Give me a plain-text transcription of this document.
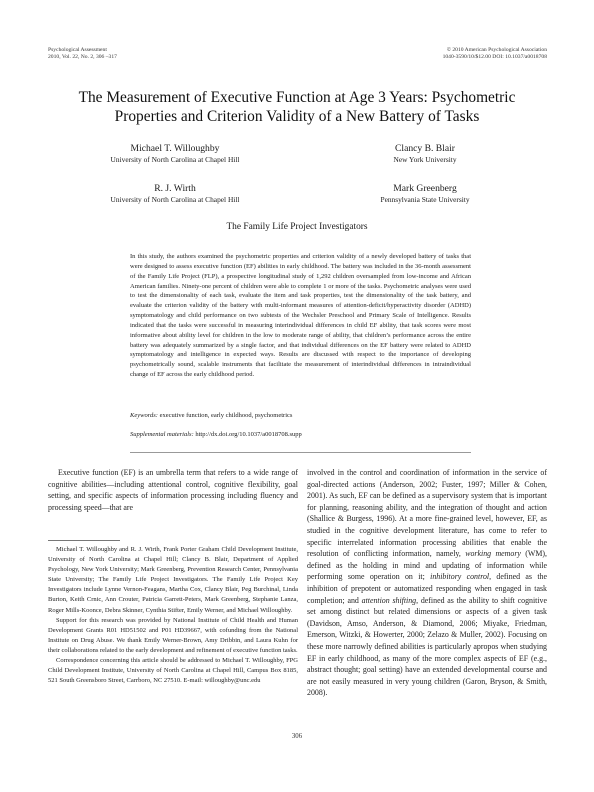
Psychological Assessment
2010, Vol. 22, No. 2, 306 –317
© 2010 American Psychological Association
1040-3590/10/$12.00 DOI: 10.1037/a0018708
The Measurement of Executive Function at Age 3 Years: Psychometric
Properties and Criterion Validity of a New Battery of Tasks
Michael T. Willoughby
University of North Carolina at Chapel Hill
Clancy B. Blair
New York University
R. J. Wirth
University of North Carolina at Chapel Hill
Mark Greenberg
Pennsylvania State University
The Family Life Project Investigators
In this study, the authors examined the psychometric properties and criterion validity of a newly developed battery of tasks that were designed to assess executive function (EF) abilities in early childhood. The battery was included in the 36-month assessment of the Family Life Project (FLP), a prospective longitudinal study of 1,292 children oversampled from low-income and African American families. Ninety-one percent of children were able to complete 1 or more of the tasks. Psychometric analyses were used to test the dimensionality of each task, evaluate the item and task properties, test the dimensionality of the task battery, and evaluate the criterion validity of the battery with multi-informant measures of attention-deficit/hyperactivity disorder (ADHD) symptomatology and child performance on two subtests of the Wechsler Preschool and Primary Scale of Intelligence. Results indicated that the tasks were successful in measuring interindividual differences in child EF ability, that task scores were most informative about ability level for children in the low to moderate range of ability, that children’s performance across the entire battery was adequately summarized by a single factor, and that individual differences on the EF battery were related to ADHD symptomatology and intelligence in expected ways. Results are discussed with respect to the importance of developing psychometrically sound, scalable instruments that facilitate the measurement of interindividual differences in intraindividual change of EF across the early childhood period.
Keywords: executive function, early childhood, psychometrics
Supplemental materials: http://dx.doi.org/10.1037/a0018708.supp

Executive function (EF) is an umbrella term that refers to a wide range of cognitive abilities—including attentional control, cognitive flexibility, goal setting, and specific aspects of information processing including fluency and processing speed—that are

Michael T. Willoughby and R. J. Wirth, Frank Porter Graham Child Development Institute, University of North Carolina at Chapel Hill; Clancy B. Blair, Department of Applied Psychology, New York University; Mark Greenberg, Prevention Research Center, Pennsylvania State University; The Family Life Project Investigators. The Family Life Project Key Investigators include Lynne Vernon-Feagans, Martha Cox, Clancy Blair, Peg Burchinal, Linda Burton, Keith Crnic, Ann Crouter, Patricia Garrett-Peters, Mark Greenberg, Stephanie Lanza, Roger Mills-Koonce, Debra Skinner, Cynthia Stifter, Emily Werner, and Michael Willoughby.

Support for this research was provided by National Institute of Child Health and Human Development Grants R01 HD51502 and P01 HD39667, with cofunding from the National Institute on Drug Abuse. We thank Emily Werner-Brown, Amy Dribbin, and Laura Kuhn for their collaborations related to the early development and refinement of executive function tasks.

Correspondence concerning this article should be addressed to Michael T. Willoughby, FPG Child Development Institute, University of North Carolina at Chapel Hill, Campus Box 8185, 521 South Greensboro Street, Carrboro, NC 27510. E-mail: willoughby@unc.edu

involved in the control and coordination of information in the service of goal-directed actions (Anderson, 2002; Fuster, 1997; Miller & Cohen, 2001). As such, EF can be defined as a supervisory system that is important for planning, reasoning ability, and the integration of thought and action (Shallice & Burgess, 1996). At a more fine-grained level, however, EF, as studied in the cognitive development literature, has come to refer to specific interrelated information processing abilities that enable the resolution of conflicting information, namely, working memory (WM), defined as the holding in mind and updating of information while performing some operation on it; inhibitory control, defined as the inhibition of prepotent or automatized responding when engaged in task completion; and attention shifting, defined as the ability to shift cognitive set among distinct but related dimensions or aspects of a given task (Davidson, Amso, Anderson, & Diamond, 2006; Miyake, Friedman, Emerson, Witzki, & Howerter, 2000; Zelazo & Muller, 2002). Focusing on these more narrowly defined abilities is particularly apropos when studying EF in early childhood, as many of the more complex aspects of EF (e.g., abstract thought; goal setting) have an extended developmental course and are not easily measured in very young children (Garon, Bryson, & Smith, 2008).

306
